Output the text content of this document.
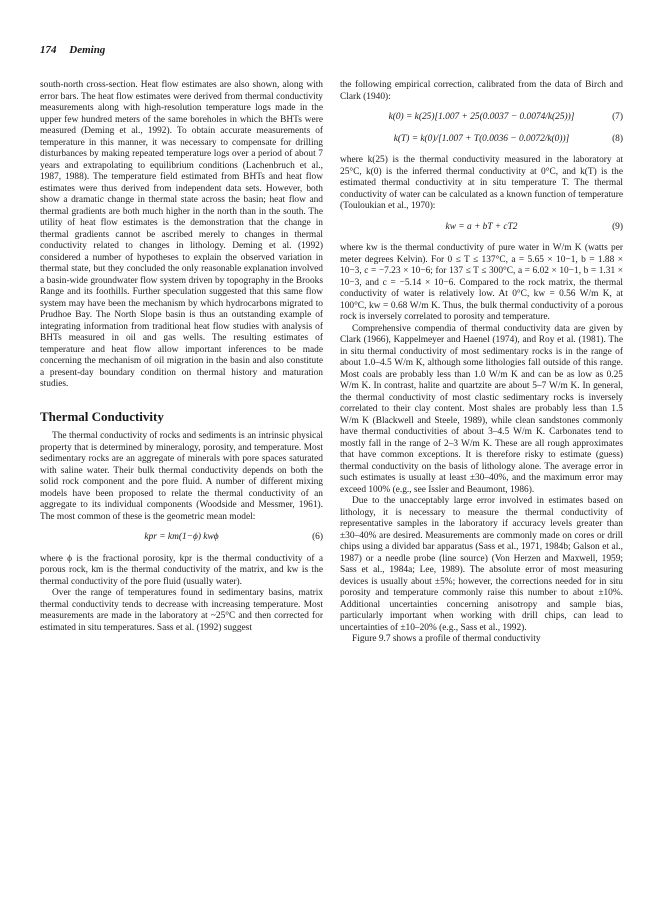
174 Deming

south-north cross-section. Heat flow estimates are also shown, along with error bars. The heat flow estimates were derived from thermal conductivity measurements along with high-resolution temperature logs made in the upper few hundred meters of the same boreholes in which the BHTs were measured (Deming et al., 1992). To obtain accurate measurements of temperature in this manner, it was necessary to compensate for drilling disturbances by making repeated temperature logs over a period of about 7 years and extrapolating to equilibrium conditions (Lachenbruch et al., 1987, 1988). The temperature field estimated from BHTs and heat flow estimates were thus derived from independent data sets. However, both show a dramatic change in thermal state across the basin; heat flow and thermal gradients are both much higher in the north than in the south. The utility of heat flow estimates is the demonstration that the change in thermal gradients cannot be ascribed merely to changes in thermal conductivity related to changes in lithology. Deming et al. (1992) considered a number of hypotheses to explain the observed variation in thermal state, but they concluded the only reasonable explanation involved a basin-wide groundwater flow system driven by topography in the Brooks Range and its foothills. Further speculation suggested that this same flow system may have been the mechanism by which hydrocarbons migrated to Prudhoe Bay. The North Slope basin is thus an outstanding example of integrating information from traditional heat flow studies with analysis of BHTs measured in oil and gas wells. The resulting estimates of temperature and heat flow allow important inferences to be made concerning the mechanism of oil migration in the basin and also constitute a present-day boundary condition on thermal history and maturation studies.

Thermal Conductivity

The thermal conductivity of rocks and sediments is an intrinsic physical property that is determined by mineralogy, porosity, and temperature. Most sedimentary rocks are an aggregate of minerals with pore spaces saturated with saline water. Their bulk thermal conductivity depends on both the solid rock component and the pore fluid. A number of different mixing models have been proposed to relate the thermal conductivity of an aggregate to its individual components (Woodside and Messmer, 1961). The most common of these is the geometric mean model:

kpr = km(1−ϕ) kwϕ	(6)

where ϕ is the fractional porosity, kpr is the thermal conductivity of a porous rock, km is the thermal conductivity of the matrix, and kw is the thermal conductivity of the pore fluid (usually water).

Over the range of temperatures found in sedimentary basins, matrix thermal conductivity tends to decrease with increasing temperature. Most measurements are made in the laboratory at ~25°C and then corrected for estimated in situ temperatures. Sass et al. (1992) suggest

the following empirical correction, calibrated from the data of Birch and Clark (1940):

k(0) = k(25)[1.007 + 25(0.0037 − 0.0074/k(25))]	(7)
k(T) = k(0)/[1.007 + T(0.0036 − 0.0072/k(0))]	(8)

where k(25) is the thermal conductivity measured in the laboratory at 25°C, k(0) is the inferred thermal conductivity at 0°C, and k(T) is the estimated thermal conductivity at in situ temperature T. The thermal conductivity of water can be calculated as a known function of temperature (Touloukian et al., 1970):

kw = a + bT + cT2	(9)

where kw is the thermal conductivity of pure water in W/m K (watts per meter degrees Kelvin). For 0 ≤ T ≤ 137°C, a = 5.65 × 10−1, b = 1.88 × 10−3, c = −7.23 × 10−6; for 137 ≤ T ≤ 300°C, a = 6.02 × 10−1, b = 1.31 × 10−3, and c = −5.14 × 10−6. Compared to the rock matrix, the thermal conductivity of water is relatively low. At 0°C, kw = 0.56 W/m K, at 100°C, kw = 0.68 W/m K. Thus, the bulk thermal conductivity of a porous rock is inversely correlated to porosity and temperature.

Comprehensive compendia of thermal conductivity data are given by Clark (1966), Kappelmeyer and Haenel (1974), and Roy et al. (1981). The in situ thermal conductivity of most sedimentary rocks is in the range of about 1.0–4.5 W/m K, although some lithologies fall outside of this range. Most coals are probably less than 1.0 W/m K and can be as low as 0.25 W/m K. In contrast, halite and quartzite are about 5–7 W/m K. In general, the thermal conductivity of most clastic sedimentary rocks is inversely correlated to their clay content. Most shales are probably less than 1.5 W/m K (Blackwell and Steele, 1989), while clean sandstones commonly have thermal conductivities of about 3–4.5 W/m K. Carbonates tend to mostly fall in the range of 2–3 W/m K. These are all rough approximates that have common exceptions. It is therefore risky to estimate (guess) thermal conductivity on the basis of lithology alone. The average error in such estimates is usually at least ±30–40%, and the maximum error may exceed 100% (e.g., see Issler and Beaumont, 1986).

Due to the unacceptably large error involved in estimates based on lithology, it is necessary to measure the thermal conductivity of representative samples in the laboratory if accuracy levels greater than ±30–40% are desired. Measurements are commonly made on cores or drill chips using a divided bar apparatus (Sass et al., 1971, 1984b; Galson et al., 1987) or a needle probe (line source) (Von Herzen and Maxwell, 1959; Sass et al., 1984a; Lee, 1989). The absolute error of most measuring devices is usually about ±5%; however, the corrections needed for in situ porosity and temperature commonly raise this number to about ±10%. Additional uncertainties concerning anisotropy and sample bias, particularly important when working with drill chips, can lead to uncertainties of ±10–20% (e.g., Sass et al., 1992).

Figure 9.7 shows a profile of thermal conductivity
